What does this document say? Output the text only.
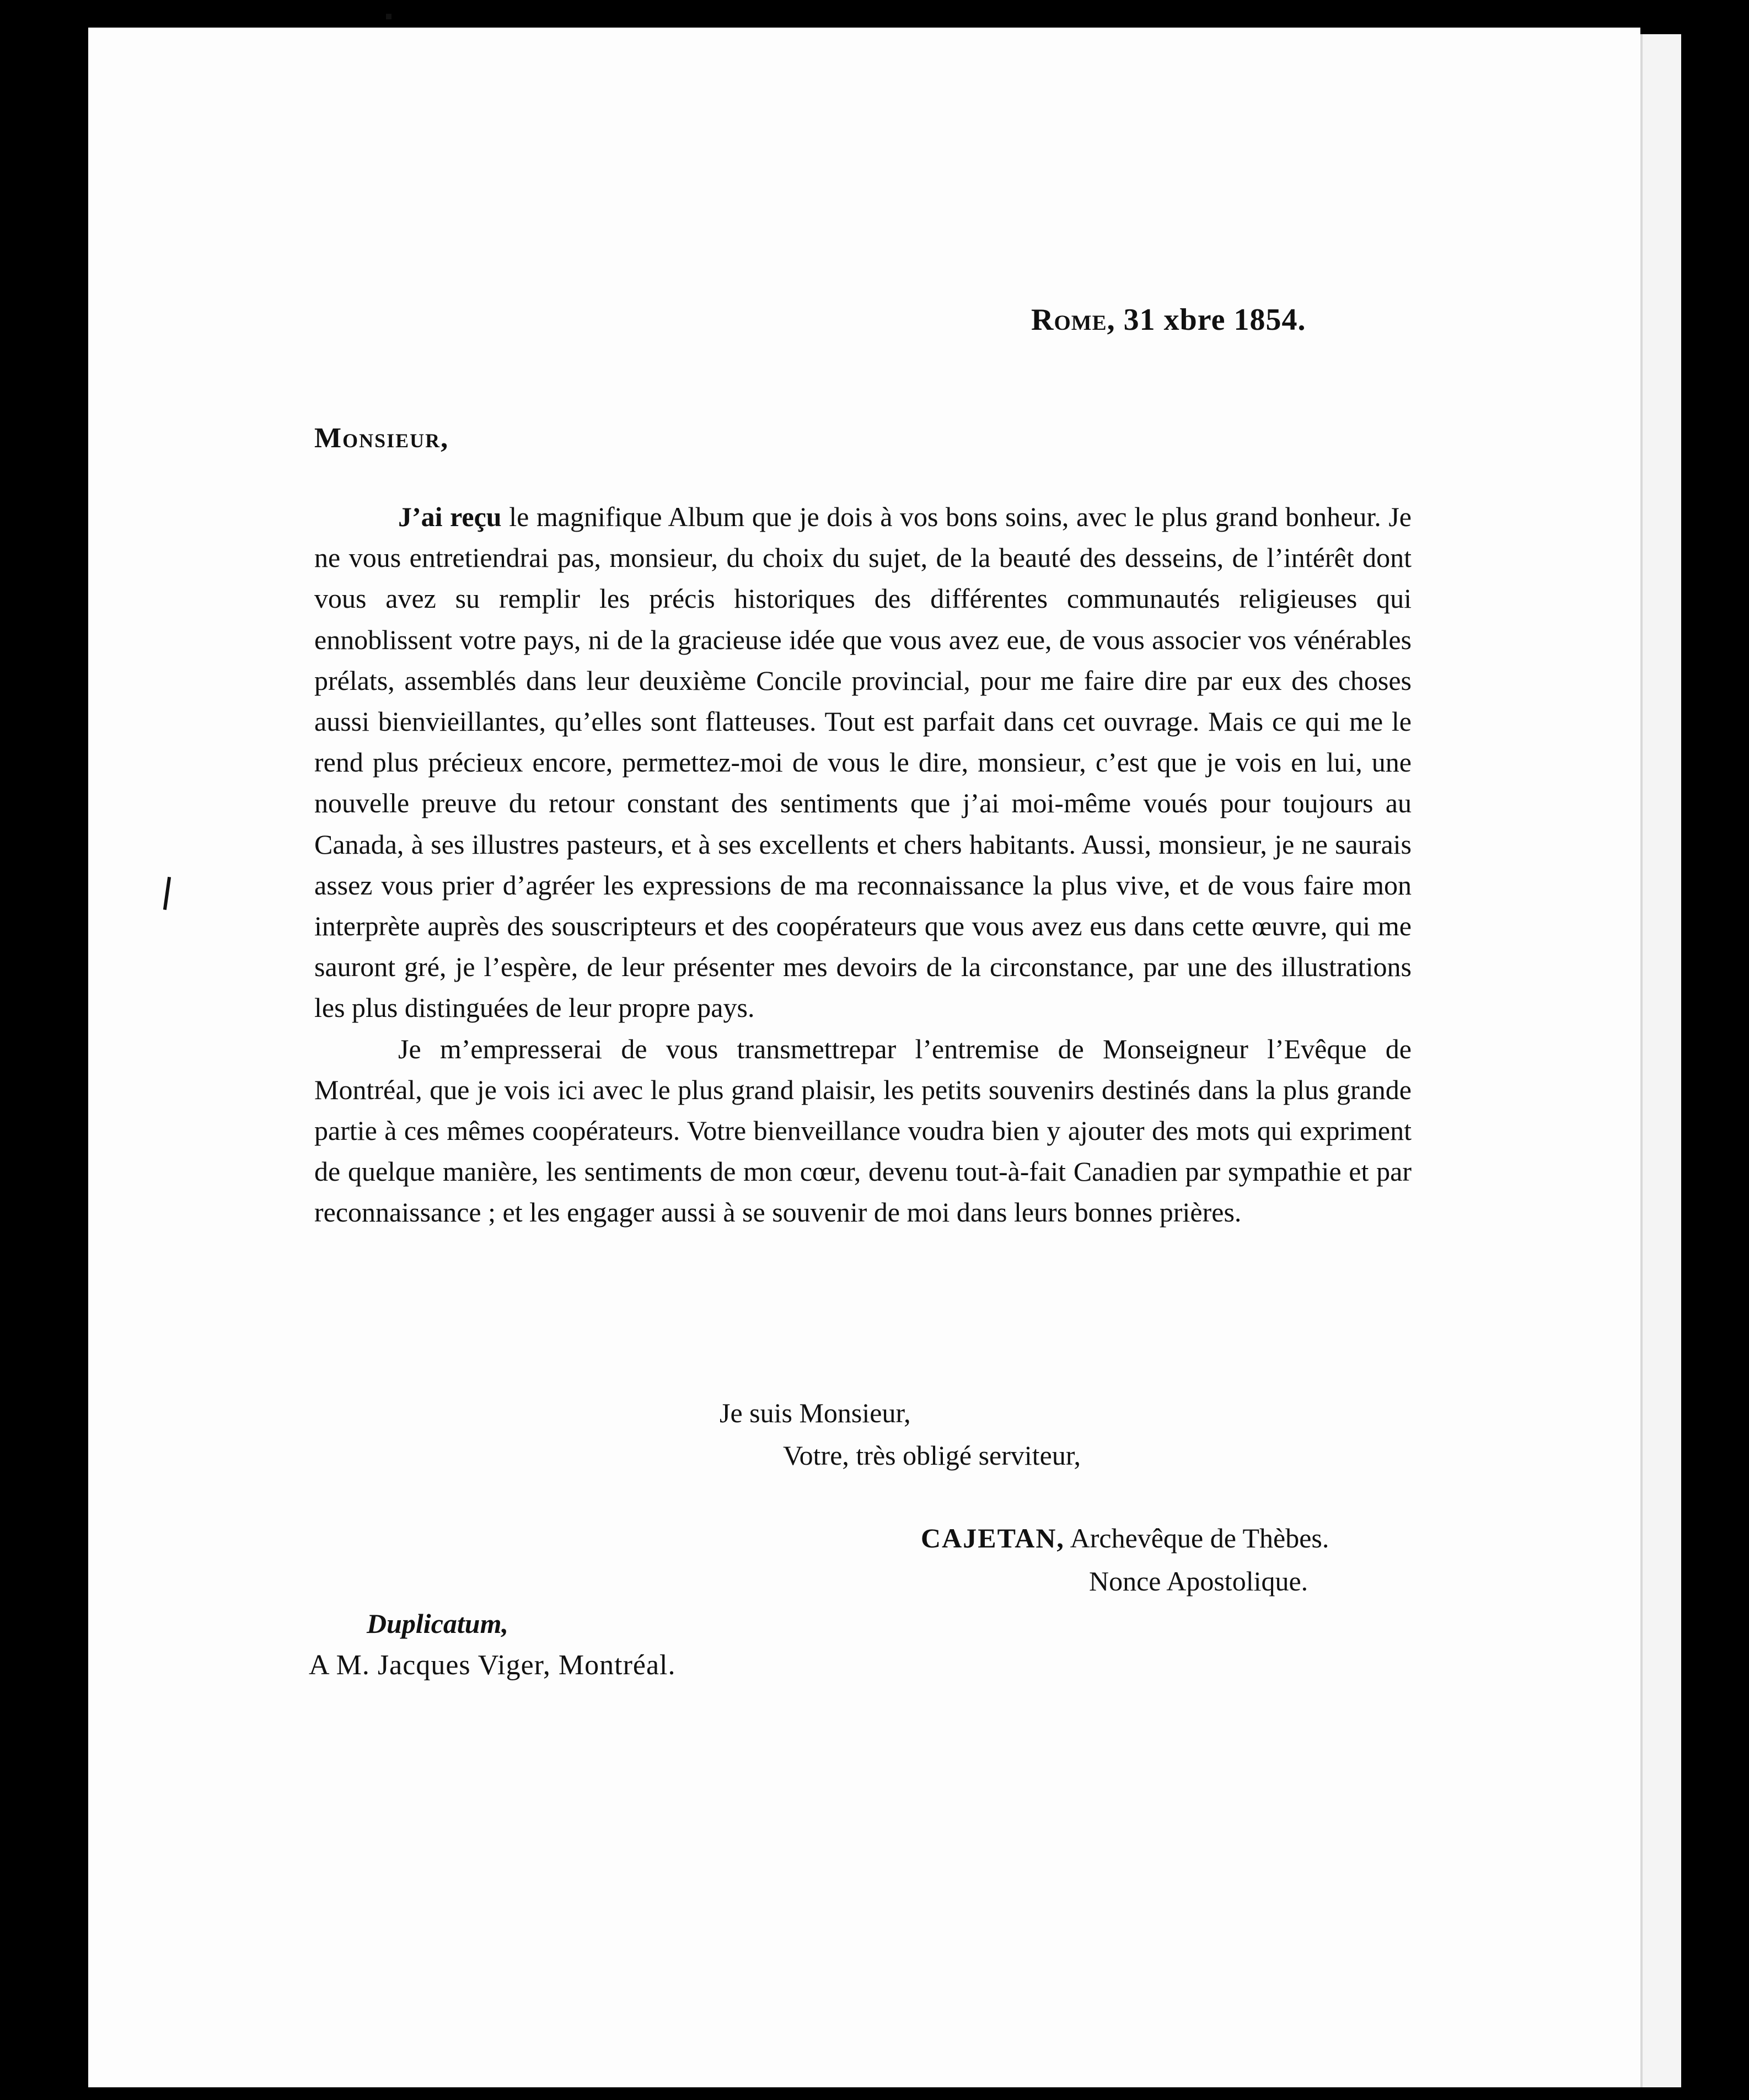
Rome, 31 xbre 1854.
Monsieur,

J’ai reçu le magnifique Album que je dois à vos bons soins, avec le plus grand bonheur. Je ne vous entretiendrai pas, monsieur, du choix du sujet, de la beauté des desseins, de l’intérêt dont vous avez su remplir les précis historiques des différentes communautés religieuses qui ennoblissent votre pays, ni de la gracieuse idée que vous avez eue, de vous associer vos vénérables prélats, assemblés dans leur deuxième Concile provincial, pour me faire dire par eux des choses aussi bienvieillantes, qu’elles sont flatteuses. Tout est parfait dans cet ouvrage. Mais ce qui me le rend plus précieux encore, permettez-moi de vous le dire, monsieur, c’est que je vois en lui, une nouvelle preuve du retour constant des sentiments que j’ai moi-même voués pour toujours au Canada, à ses illustres pasteurs, et à ses excellents et chers habitants. Aussi, monsieur, je ne saurais assez vous prier d’agréer les expressions de ma reconnaissance la plus vive, et de vous faire mon interprète auprès des souscripteurs et des coopérateurs que vous avez eus dans cette œuvre, qui me sauront gré, je l’espère, de leur présenter mes devoirs de la circonstance, par une des illustrations les plus distinguées de leur propre pays.

Je m’empresserai de vous transmettrepar l’entremise de Monseigneur l’Evêque de Montréal, que je vois ici avec le plus grand plaisir, les petits souvenirs destinés dans la plus grande partie à ces mêmes coopérateurs. Votre bienveillance voudra bien y ajouter des mots qui expriment de quelque manière, les sentiments de mon cœur, devenu tout-à-fait Canadien par sympathie et par reconnaissance ; et les engager aussi à se souvenir de moi dans leurs bonnes prières.

Je suis Monsieur,
Votre, très obligé serviteur,
CAJETAN, Archevêque de Thèbes.
Nonce Apostolique.
Duplicatum,
A M. Jacques Viger, Montréal.
